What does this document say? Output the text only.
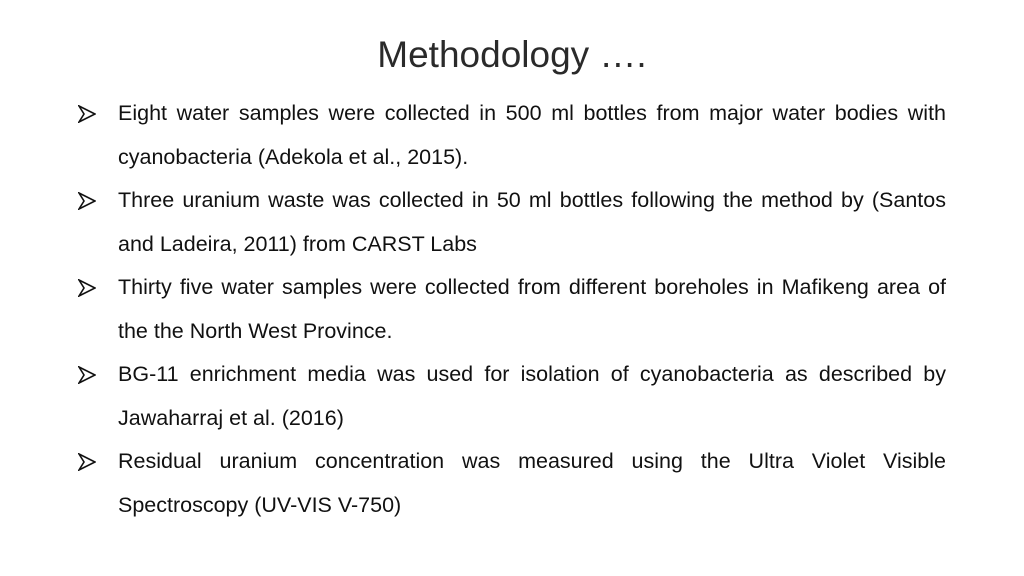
Methodology ….
Eight water samples were collected in 500 ml bottles from major water bodies with cyanobacteria (Adekola et al., 2015).
Three uranium waste was collected in 50 ml bottles following the method by (Santos and Ladeira, 2011) from CARST Labs
Thirty five water samples were collected from different boreholes in Mafikeng area of the the North West Province.
BG-11 enrichment media was used for isolation of cyanobacteria as described by Jawaharraj et al. (2016)
Residual uranium concentration was measured using the Ultra Violet Visible Spectroscopy (UV-VIS V-750)
